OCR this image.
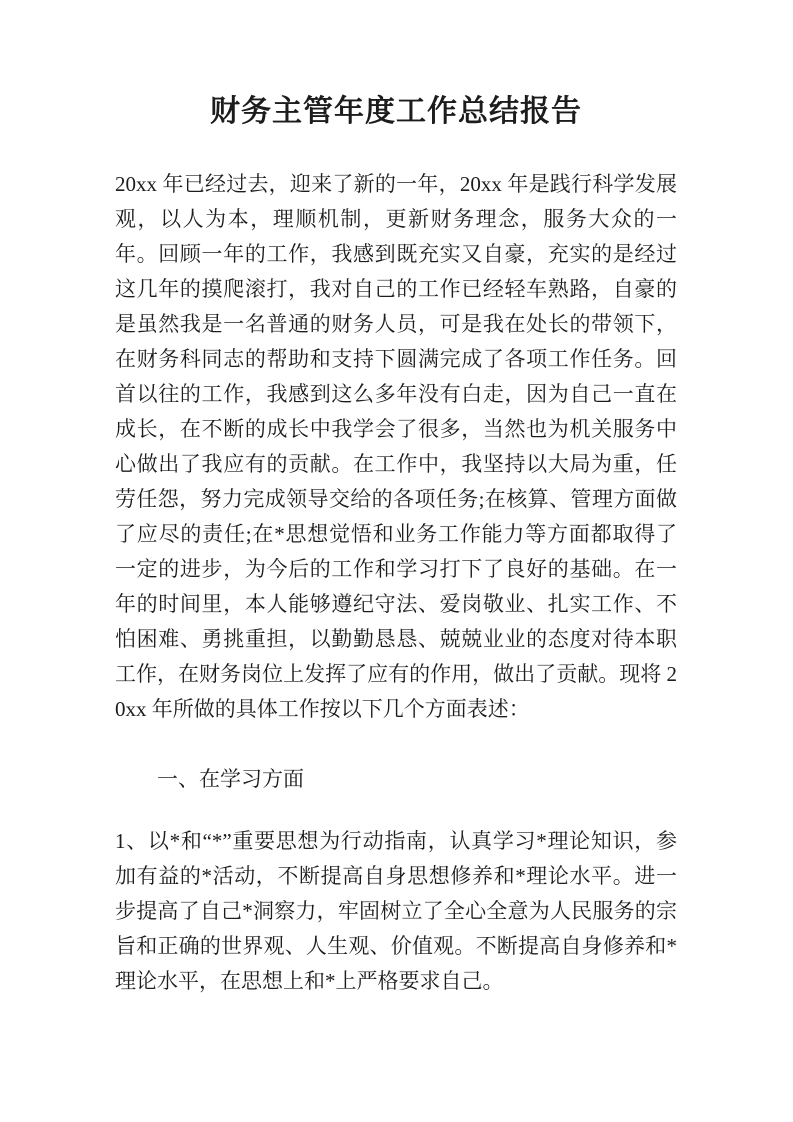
财务主管年度工作总结报告

20xx 年已经过去，迎来了新的一年，20xx 年是践行科学发展观，以人为本，理顺机制，更新财务理念，服务大众的一年。回顾一年的工作，我感到既充实又自豪，充实的是经过这几年的摸爬滚打，我对自己的工作已经轻车熟路，自豪的是虽然我是一名普通的财务人员，可是我在处长的带领下，在财务科同志的帮助和支持下圆满完成了各项工作任务。回首以往的工作，我感到这么多年没有白走，因为自己一直在成长，在不断的成长中我学会了很多，当然也为机关服务中心做出了我应有的贡献。在工作中，我坚持以大局为重，任劳任怨，努力完成领导交给的各项任务;在核算、管理方面做了应尽的责任;在*思想觉悟和业务工作能力等方面都取得了一定的进步，为今后的工作和学习打下了良好的基础。在一年的时间里，本人能够遵纪守法、爱岗敬业、扎实工作、不怕困难、勇挑重担，以勤勤恳恳、兢兢业业的态度对待本职工作，在财务岗位上发挥了应有的作用，做出了贡献。现将 20xx 年所做的具体工作按以下几个方面表述：

一、在学习方面

1、以*和“*”重要思想为行动指南，认真学习*理论知识，参加有益的*活动，不断提高自身思想修养和*理论水平。进一步提高了自己*洞察力，牢固树立了全心全意为人民服务的宗旨和正确的世界观、人生观、价值观。不断提高自身修养和*理论水平，在思想上和*上严格要求自己。
